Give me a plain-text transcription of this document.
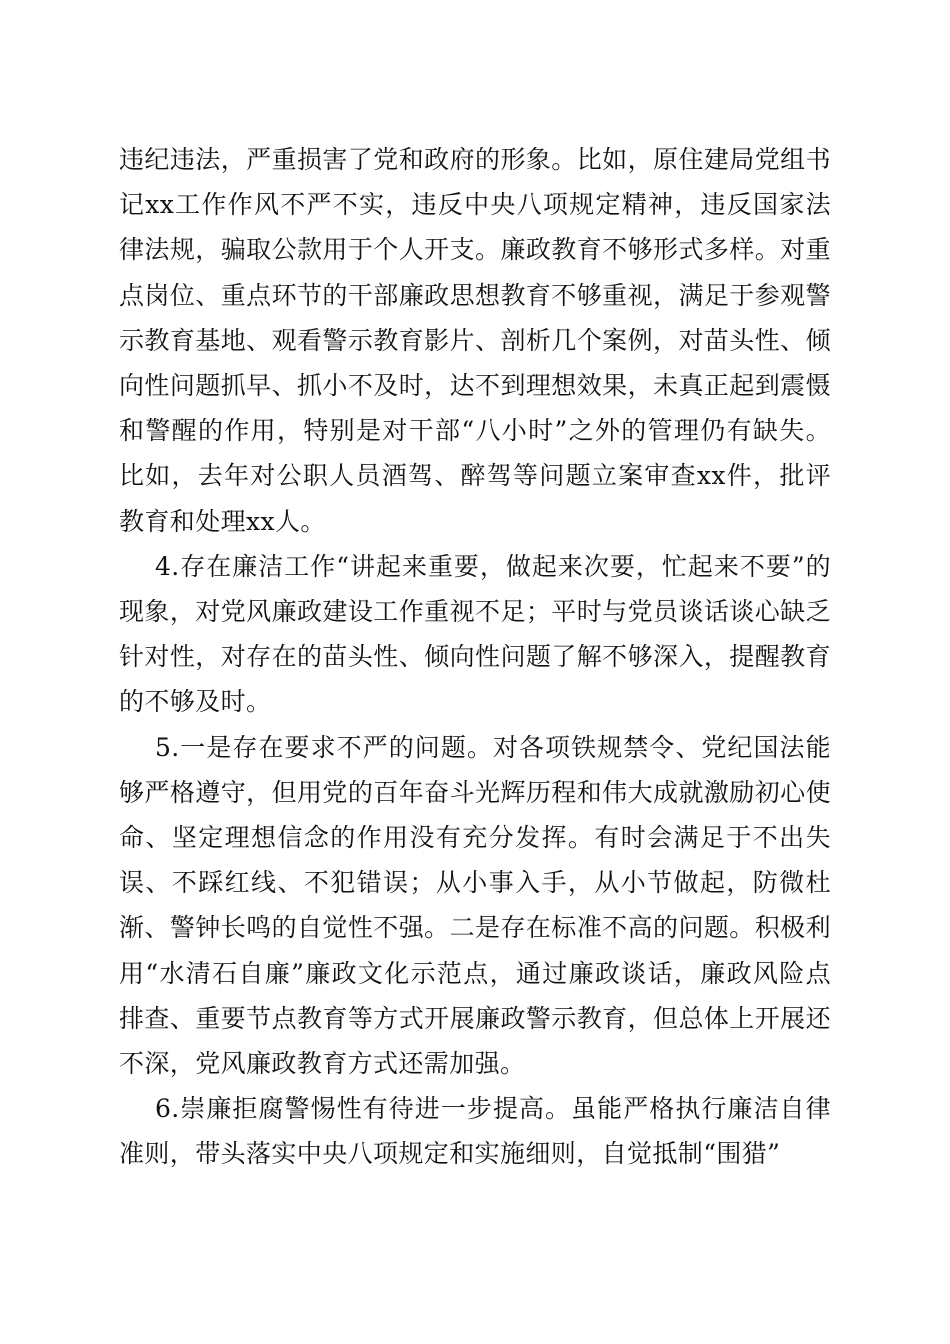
违纪违法，严重损害了党和政府的形象。比如，原住建局党组书记xx工作作风不严不实，违反中央八项规定精神，违反国家法律法规，骗取公款用于个人开支。廉政教育不够形式多样。对重点岗位、重点环节的干部廉政思想教育不够重视，满足于参观警示教育基地、观看警示教育影片、剖析几个案例，对苗头性、倾向性问题抓早、抓小不及时，达不到理想效果，未真正起到震慑和警醒的作用，特别是对干部“八小时”之外的管理仍有缺失。比如，去年对公职人员酒驾、醉驾等问题立案审查xx件，批评教育和处理xx人。

4.存在廉洁工作“讲起来重要，做起来次要，忙起来不要”的现象，对党风廉政建设工作重视不足；平时与党员谈话谈心缺乏针对性，对存在的苗头性、倾向性问题了解不够深入，提醒教育的不够及时。

5.一是存在要求不严的问题。对各项铁规禁令、党纪国法能够严格遵守，但用党的百年奋斗光辉历程和伟大成就激励初心使命、坚定理想信念的作用没有充分发挥。有时会满足于不出失误、不踩红线、不犯错误；从小事入手，从小节做起，防微杜渐、警钟长鸣的自觉性不强。二是存在标准不高的问题。积极利用“水清石自廉”廉政文化示范点，通过廉政谈话，廉政风险点排查、重要节点教育等方式开展廉政警示教育，但总体上开展还不深，党风廉政教育方式还需加强。

6.崇廉拒腐警惕性有待进一步提高。虽能严格执行廉洁自律准则，带头落实中央八项规定和实施细则，自觉抵制“围猎”
